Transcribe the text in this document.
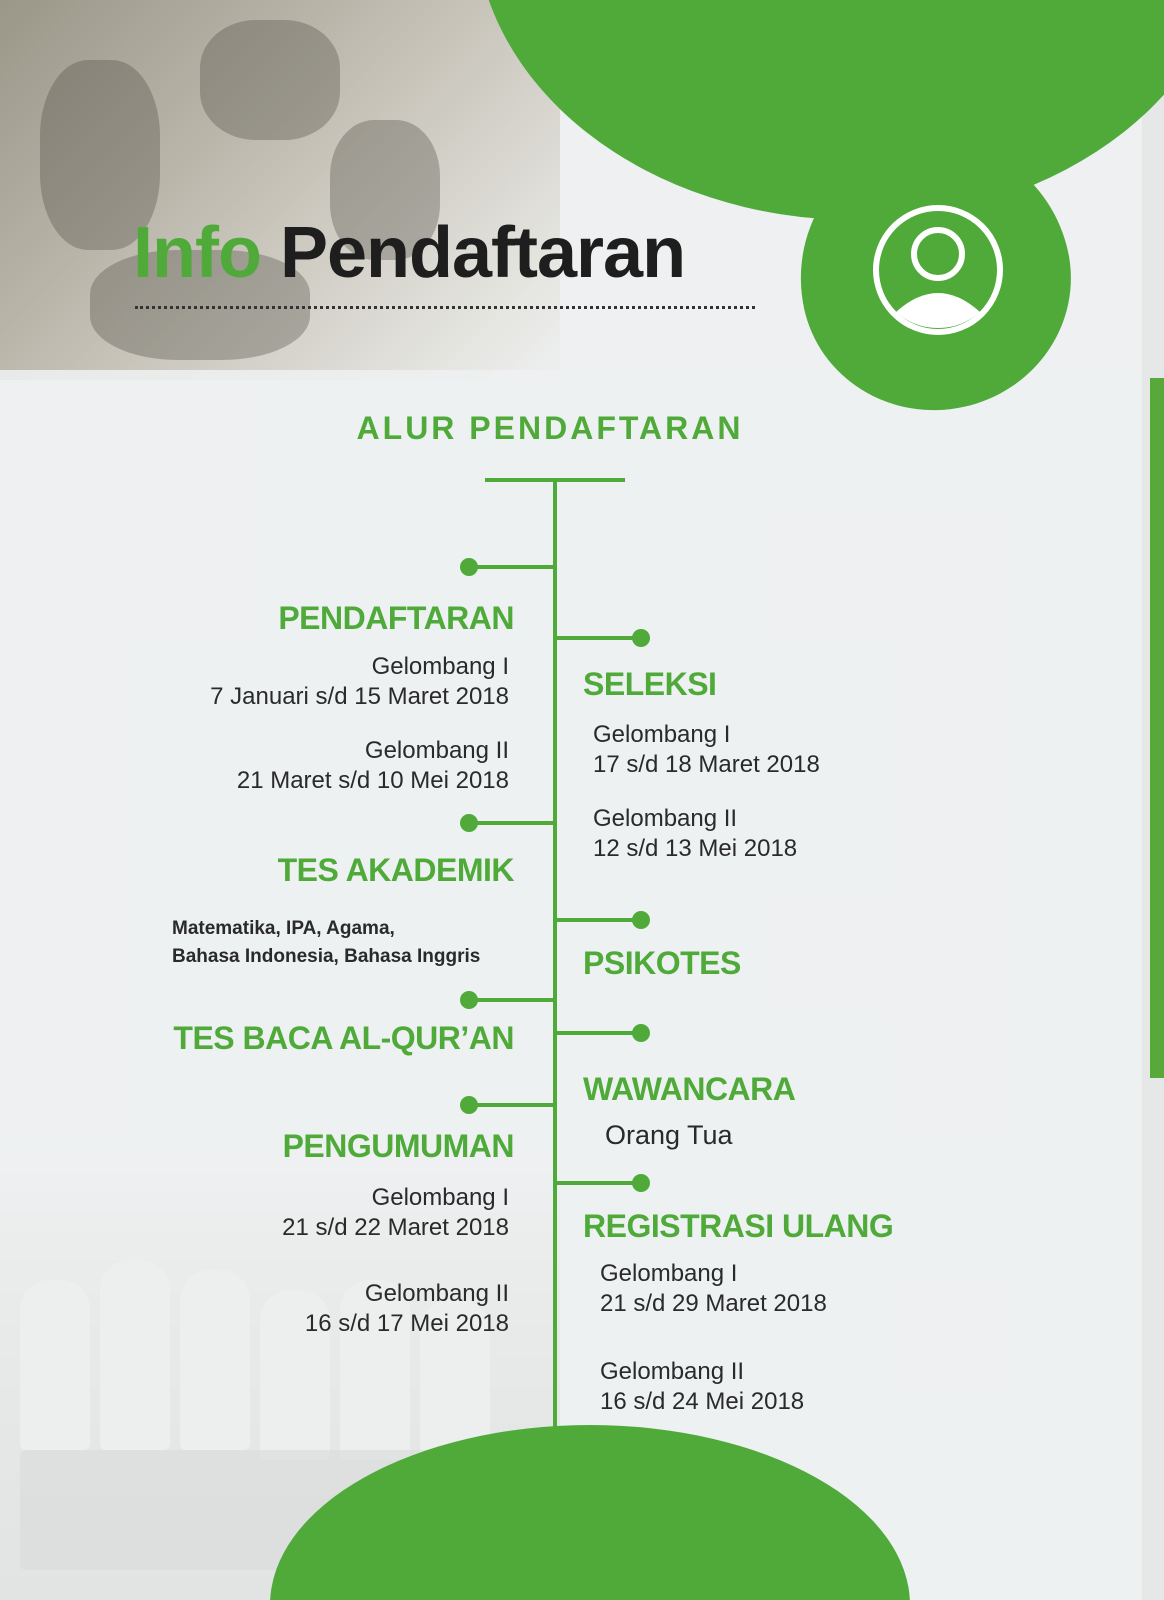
Info Pendaftaran
ALUR PENDAFTARAN
PENDAFTARAN
Gelombang I
7 Januari s/d 15 Maret 2018
Gelombang II
21 Maret s/d 10 Mei 2018
TES AKADEMIK
Matematika, IPA, Agama,
Bahasa Indonesia, Bahasa Inggris
TES BACA AL-QUR’AN
PENGUMUMAN
Gelombang I
21 s/d 22 Maret 2018
Gelombang II
16 s/d 17 Mei 2018
SELEKSI
Gelombang I
17 s/d 18 Maret 2018
Gelombang II
12 s/d 13 Mei 2018
PSIKOTES
WAWANCARA
Orang Tua
REGISTRASI ULANG
Gelombang I
21 s/d 29 Maret 2018
Gelombang II
16 s/d 24 Mei 2018
